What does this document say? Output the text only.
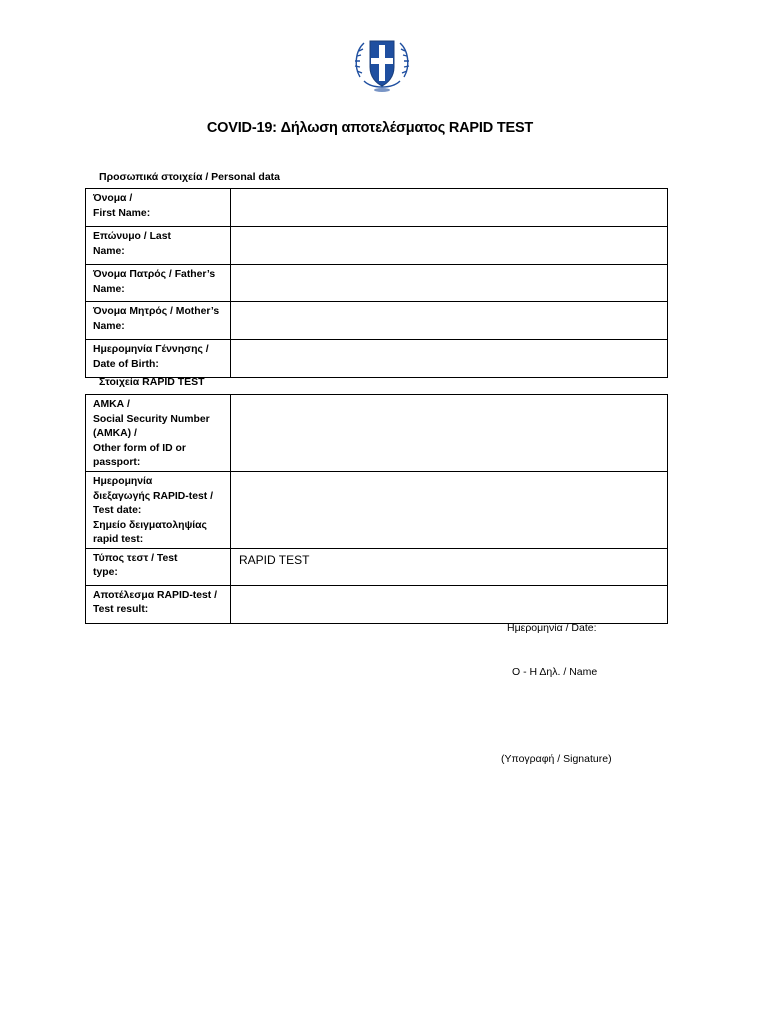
COVID-19: Δήλωση αποτελέσματος RAPID TEST
Προσωπικά στοιχεία / Personal data
Όνομα /
First Name:	

Επώνυμο / Last
Name:	

Όνομα Πατρός / Father’s
Name:	

Όνομα Μητρός / Mother’s
Name:	

Ημερομηνία Γέννησης /
Date of Birth:	

Στοιχεία RAPID TEST
ΑΜΚΑ /
Social Security Number
(AMKA) /
Other form of ID or
passport:	

Ημερομηνία
διεξαγωγής RAPID-test /
Test date:
Σημείο δειγματοληψίας
rapid test:	

Τύπος τεστ / Test
type:	RAPID TEST

Αποτέλεσμα RAPID-test /
Test result:	

Ημερομηνία / Date:
Ο - Η Δηλ. / Name
(Υπογραφή / Signature)
